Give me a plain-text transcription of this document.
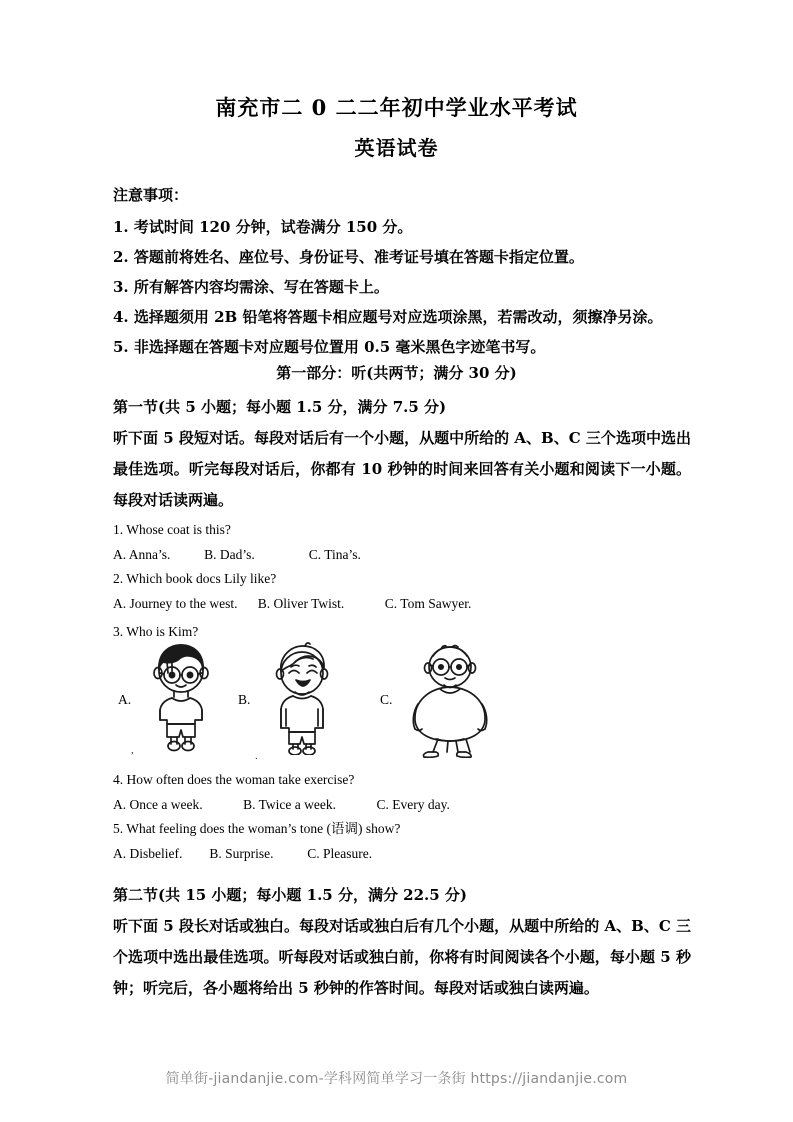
南充市二 0 二二年初中学业水平考试
英语试卷

注意事项：

1. 考试时间 120 分钟，试卷满分 150 分。

2. 答题前将姓名、座位号、身份证号、准考证号填在答题卡指定位置。

3. 所有解答内容均需涂、写在答题卡上。

4. 选择题须用 2B 铅笔将答题卡相应题号对应选项涂黑，若需改动，须擦净另涂。

5. 非选择题在答题卡对应题号位置用 0.5 毫米黑色字迹笔书写。

第一部分：听(共两节；满分 30 分)

第一节(共 5 小题；每小题 1.5 分，满分 7.5 分)

听下面 5 段短对话。每段对话后有一个小题，从题中所给的 A、B、C 三个选项中选出最佳选项。听完每段对话后，你都有 10 秒钟的时间来回答有关小题和阅读下一小题。每段对话读两遍。

1. Whose coat is this?

A. Anna’s.          B. Dad’s.                C. Tina’s.

2. Which book docs Lily like?

A. Journey to the west.      B. Oliver Twist.            C. Tom Sawyer.

3. Who is Kim?

A.
,
B.
.
C.

4. How often does the woman take exercise?

A. Once a week.            B. Twice a week.            C. Every day.

5. What feeling does the woman’s tone (语调) show?

A. Disbelief.        B. Surprise.          C. Pleasure.

第二节(共 15 小题；每小题 1.5 分，满分 22.5 分)

听下面 5 段长对话或独白。每段对话或独白后有几个小题，从题中所给的 A、B、C 三个选项中选出最佳选项。听每段对话或独白前，你将有时间阅读各个小题，每小题 5 秒钟；听完后，各小题将给出 5 秒钟的作答时间。每段对话或独白读两遍。

简单街-jiandanjie.com-学科网简单学习一条街 https://jiandanjie.com
